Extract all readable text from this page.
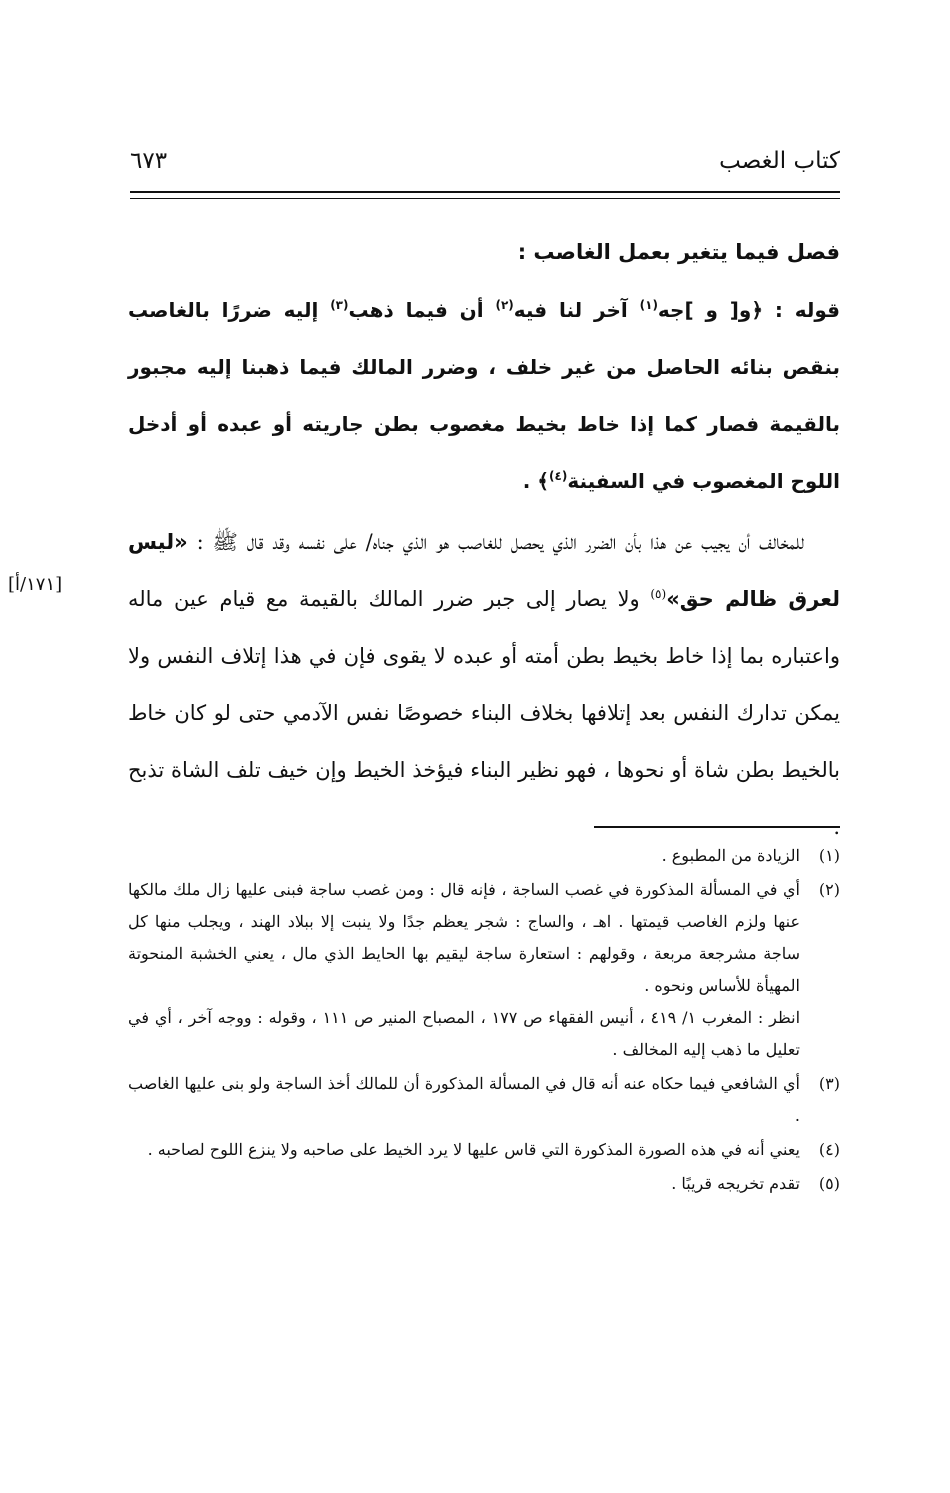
كتاب الغصب
٦٧٣
فصل فيما يتغير بعمل الغاصب :

قوله : ﴿و[ و ]جه$^{(١)}$ آخر لنا فيه$^{(٢)}$ أن فيما ذهب$^{(٣)}$ إليه ضررًا بالغاصب بنقص بنائه الحاصل من غير خلف ، وضرر المالك فيما ذهبنا إليه مجبور بالقيمة فصار كما إذا خاط بخيط مغصوب بطن جاريته أو عبده أو أدخل اللوح المغصوب في السفينة$^{(٤)}$﴾ .

للمخالف أن يجيب عن هذا بأن الضرر الذي يحصل للغاصب هو الذي جناه/ على نفسه وقد قال ﷺ : «ليس لعرق ظالم حق»$^{(٥)}$ ولا يصار إلى جبر ضرر المالك بالقيمة مع قيام عين ماله واعتباره بما إذا خاط بخيط بطن أمته أو عبده لا يقوى فإن في هذا إتلاف النفس ولا يمكن تدارك النفس بعد إتلافها بخلاف البناء خصوصًا نفس الآدمي حتى لو كان خاط بالخيط بطن شاة أو نحوها ، فهو نظير البناء فيؤخذ الخيط وإن خيف تلف الشاة تذبح .

[١٧١/أ]
(١)

الزيادة من المطبوع .

(٢)

أي في المسألة المذكورة في غصب الساجة ، فإنه قال : ومن غصب ساجة فبنى عليها زال ملك مالكها عنها ولزم الغاصب قيمتها . اهـ ، والساج : شجر يعظم جدًا ولا ينبت إلا ببلاد الهند ، ويجلب منها كل ساجة مشرجعة مربعة ، وقولهم : استعارة ساجة ليقيم بها الحايط الذي مال ، يعني الخشبة المنحوتة المهيأة للأساس ونحوه .

انظر : المغرب ١/ ٤١٩ ، أنيس الفقهاء ص ١٧٧ ، المصباح المنير ص ١١١ ، وقوله : ووجه آخر ، أي في تعليل ما ذهب إليه المخالف .

(٣)

أي الشافعي فيما حكاه عنه أنه قال في المسألة المذكورة أن للمالك أخذ الساجة ولو بنى عليها الغاصب .

(٤)

يعني أنه في هذه الصورة المذكورة التي قاس عليها لا يرد الخيط على صاحبه ولا ينزع اللوح لصاحبه .

(٥)

تقدم تخريجه قريبًا .
